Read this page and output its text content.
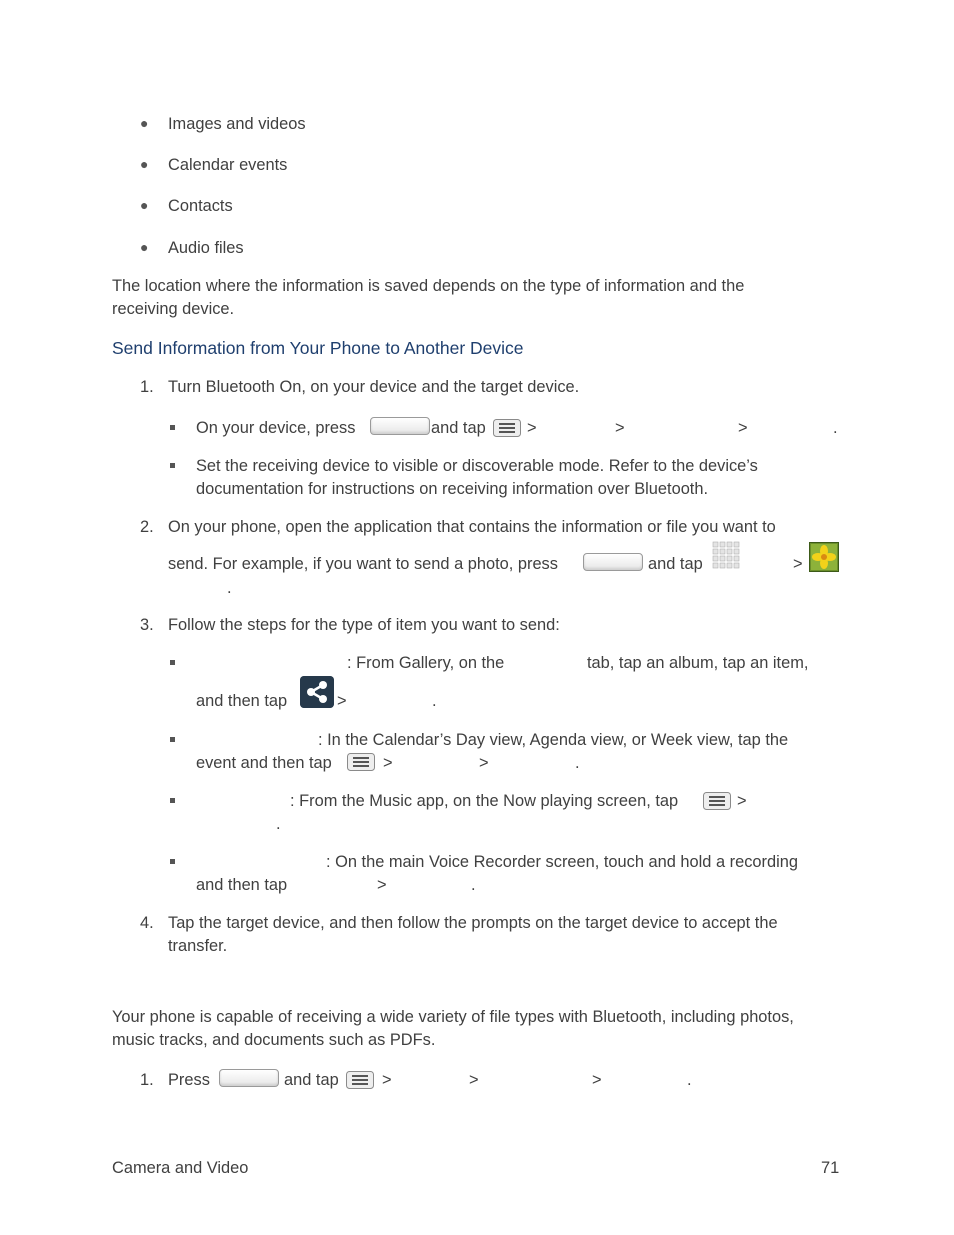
● Images and videos
● Calendar events
● Contacts
● Audio files
The location where the information is saved depends on the type of information and the
receiving device.
Send Information from Your Phone to Another Device
1. Turn Bluetooth On, on your device and the target device.
On your device, press	and tap	>	>	>	.
Set the receiving device to visible or discoverable mode. Refer to the device’s
documentation for instructions on receiving information over Bluetooth.
2. On your phone, open the application that contains the information or file you want to
send. For example, if you want to send a photo, press	and tap	>
.
3. Follow the steps for the type of item you want to send:
: From Gallery, on the	tab, tap an album, tap an item,
and then tap	>	.
: In the Calendar’s Day view, Agenda view, or Week view, tap the
event and then tap	>	>	.
: From the Music app, on the Now playing screen, tap	>
.
: On the main Voice Recorder screen, touch and hold a recording
and then tap	>	.
4. Tap the target device, and then follow the prompts on the target device to accept the
transfer.
Your phone is capable of receiving a wide variety of file types with Bluetooth, including photos,
music tracks, and documents such as PDFs.
1. Press	and tap	>	>	>	.
Camera and Video	71
